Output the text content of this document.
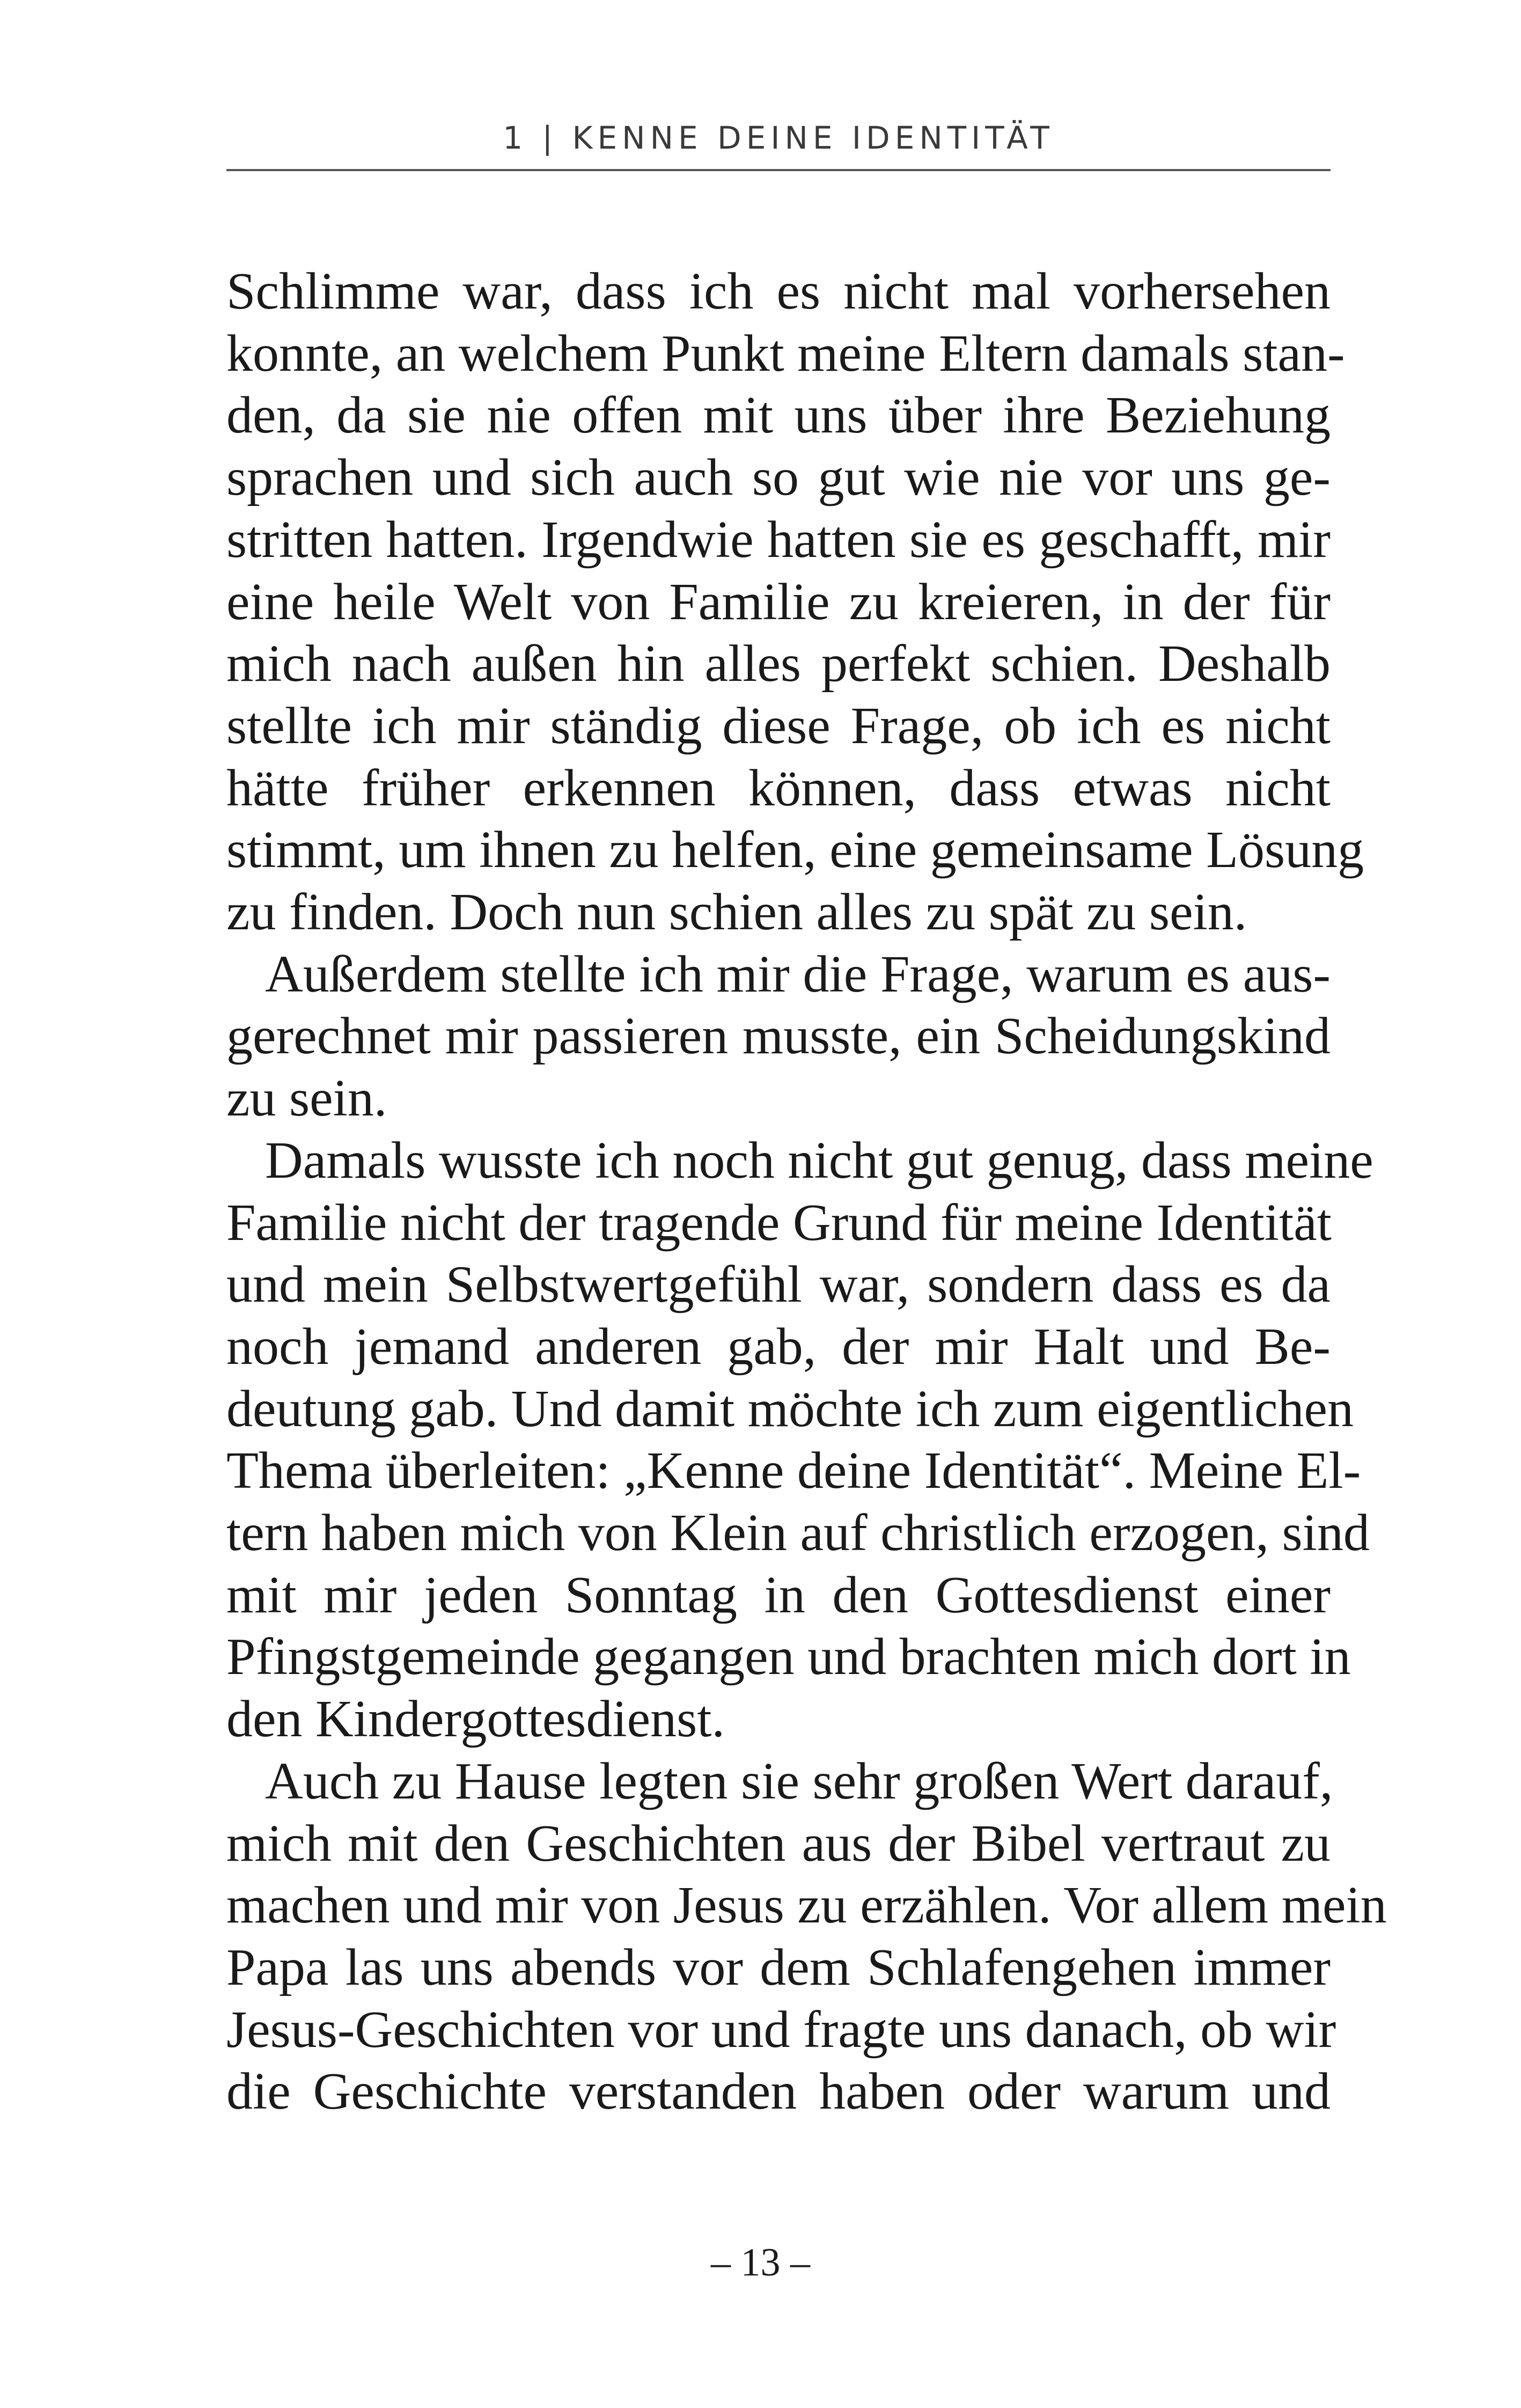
1 | KENNE DEINE IDENTITÄT

Schlimme war, dass ich es nicht mal vorhersehen
konnte, an welchem Punkt meine Eltern damals stan-
den, da sie nie offen mit uns über ihre Beziehung
sprachen und sich auch so gut wie nie vor uns ge-
stritten hatten. Irgendwie hatten sie es geschafft, mir
eine heile Welt von Familie zu kreieren, in der für
mich nach außen hin alles perfekt schien. Deshalb
stellte ich mir ständig diese Frage, ob ich es nicht
hätte früher erkennen können, dass etwas nicht
stimmt, um ihnen zu helfen, eine gemeinsame Lösung
zu finden. Doch nun schien alles zu spät zu sein.

Außerdem stellte ich mir die Frage, warum es aus-
gerechnet mir passieren musste, ein Scheidungskind
zu sein.

Damals wusste ich noch nicht gut genug, dass meine
Familie nicht der tragende Grund für meine Identität
und mein Selbstwertgefühl war, sondern dass es da
noch jemand anderen gab, der mir Halt und Be-
deutung gab. Und damit möchte ich zum eigentlichen
Thema überleiten: „Kenne deine Identität“. Meine El-
tern haben mich von Klein auf christlich erzogen, sind
mit mir jeden Sonntag in den Gottesdienst einer
Pfingstgemeinde gegangen und brachten mich dort in
den Kindergottesdienst.

Auch zu Hause legten sie sehr großen Wert darauf,
mich mit den Geschichten aus der Bibel vertraut zu
machen und mir von Jesus zu erzählen. Vor allem mein
Papa las uns abends vor dem Schlafengehen immer
Jesus-Geschichten vor und fragte uns danach, ob wir
die Geschichte verstanden haben oder warum und

– 13 –
